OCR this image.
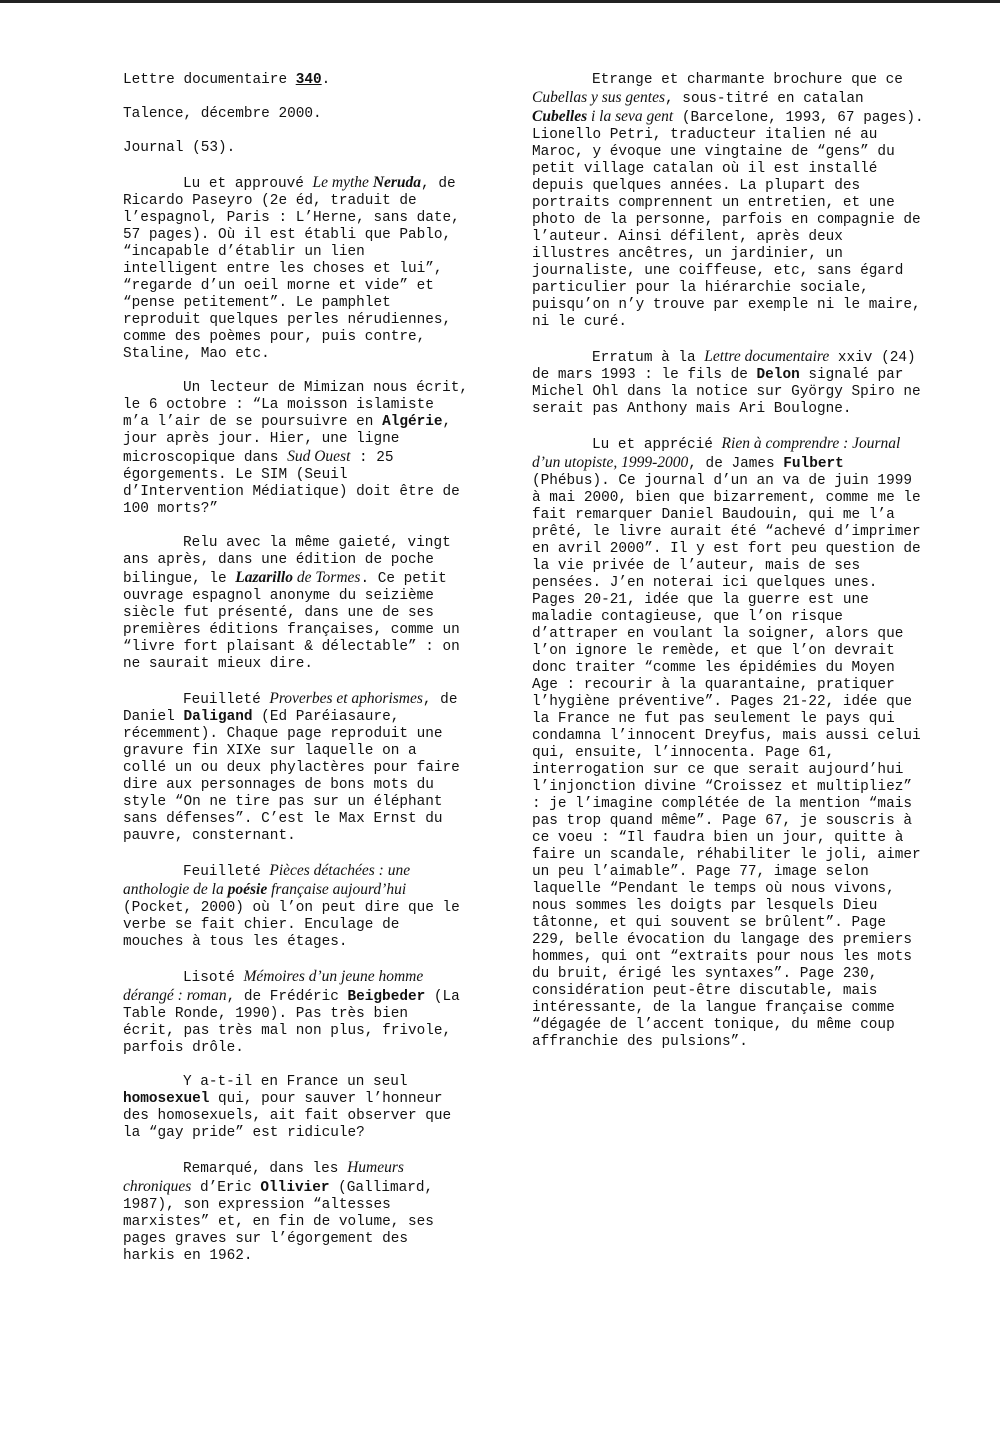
Lettre documentaire 340.

Talence, décembre 2000.

Journal (53).

Lu et approuvé Le mythe Neruda, de Ricardo Paseyro (2e éd, traduit de l’espagnol, Paris : L’Herne, sans date, 57 pages). Où il est établi que Pablo, “incapable d’établir un lien intelligent entre les choses et lui”, “regarde d’un oeil morne et vide” et “pense petitement”. Le pamphlet reproduit quelques perles nérudiennes, comme des poèmes pour, puis contre, Staline, Mao etc.

Un lecteur de Mimizan nous écrit, le 6 octobre : “La moisson islamiste m’a l’air de se poursuivre en Algérie, jour après jour. Hier, une ligne microscopique dans Sud Ouest : 25 égorgements. Le SIM (Seuil d’Intervention Médiatique) doit être de 100 morts?”

Relu avec la même gaieté, vingt ans après, dans une édition de poche bilingue, le Lazarillo de Tormes. Ce petit ouvrage espagnol anonyme du seizième siècle fut présenté, dans une de ses premières éditions françaises, comme un “livre fort plaisant & délectable” : on ne saurait mieux dire.

Feuilleté Proverbes et aphorismes, de Daniel Daligand (Ed Paréiasaure, récemment). Chaque page reproduit une gravure fin XIXe sur laquelle on a collé un ou deux phylactères pour faire dire aux personnages de bons mots du style “On ne tire pas sur un éléphant sans défenses”. C’est le Max Ernst du pauvre, consternant.

Feuilleté Pièces détachées : une anthologie de la poésie française aujourd’hui (Pocket, 2000) où l’on peut dire que le verbe se fait chier. Enculage de mouches à tous les étages.

Lisoté Mémoires d’un jeune homme dérangé : roman, de Frédéric Beigbeder (La Table Ronde, 1990). Pas très bien écrit, pas très mal non plus, frivole, parfois drôle.

Y a-t-il en France un seul homosexuel qui, pour sauver l’honneur des homosexuels, ait fait observer que la “gay pride” est ridicule?

Remarqué, dans les Humeurs chroniques d’Eric Ollivier (Gallimard, 1987), son expression “altesses marxistes” et, en fin de volume, ses pages graves sur l’égorgement des harkis en 1962.

Etrange et charmante brochure que ce Cubellas y sus gentes, sous-titré en catalan Cubelles i la seva gent (Barcelone, 1993, 67 pages). Lionello Petri, traducteur italien né au Maroc, y évoque une vingtaine de “gens” du petit village catalan où il est installé depuis quelques années. La plupart des portraits comprennent un entretien, et une photo de la personne, parfois en compagnie de l’auteur. Ainsi défilent, après deux illustres ancêtres, un jardinier, un journaliste, une coiffeuse, etc, sans égard particulier pour la hiérarchie sociale, puisqu’on n’y trouve par exemple ni le maire, ni le curé.

Erratum à la Lettre documentaire xxiv (24) de mars 1993 : le fils de Delon signalé par Michel Ohl dans la notice sur György Spiro ne serait pas Anthony mais Ari Boulogne.

Lu et apprécié Rien à comprendre : Journal d’un utopiste, 1999-2000, de James Fulbert (Phébus). Ce journal d’un an va de juin 1999 à mai 2000, bien que bizarrement, comme me le fait remarquer Daniel Baudouin, qui me l’a prêté, le livre aurait été “achevé d’imprimer en avril 2000”. Il y est fort peu question de la vie privée de l’auteur, mais de ses pensées. J’en noterai ici quelques unes. Pages 20-21, idée que la guerre est une maladie contagieuse, que l’on risque d’attraper en voulant la soigner, alors que l’on ignore le remède, et que l’on devrait donc traiter “comme les épidémies du Moyen Age : recourir à la quarantaine, pratiquer l’hygiène préventive”. Pages 21-22, idée que la France ne fut pas seulement le pays qui condamna l’innocent Dreyfus, mais aussi celui qui, ensuite, l’innocenta. Page 61, interrogation sur ce que serait aujourd’hui l’injonction divine “Croissez et multipliez” : je l’imagine complétée de la mention “mais pas trop quand même”. Page 67, je souscris à ce voeu : “Il faudra bien un jour, quitte à faire un scandale, réhabiliter le joli, aimer un peu l’aimable”. Page 77, image selon laquelle “Pendant le temps où nous vivons, nous sommes les doigts par lesquels Dieu tâtonne, et qui souvent se brûlent”. Page 229, belle évocation du langage des premiers hommes, qui ont “extraits pour nous les mots du bruit, érigé les syntaxes”. Page 230, considération peut-être discutable, mais intéressante, de la langue française comme “dégagée de l’accent tonique, du même coup affranchie des pulsions”.
